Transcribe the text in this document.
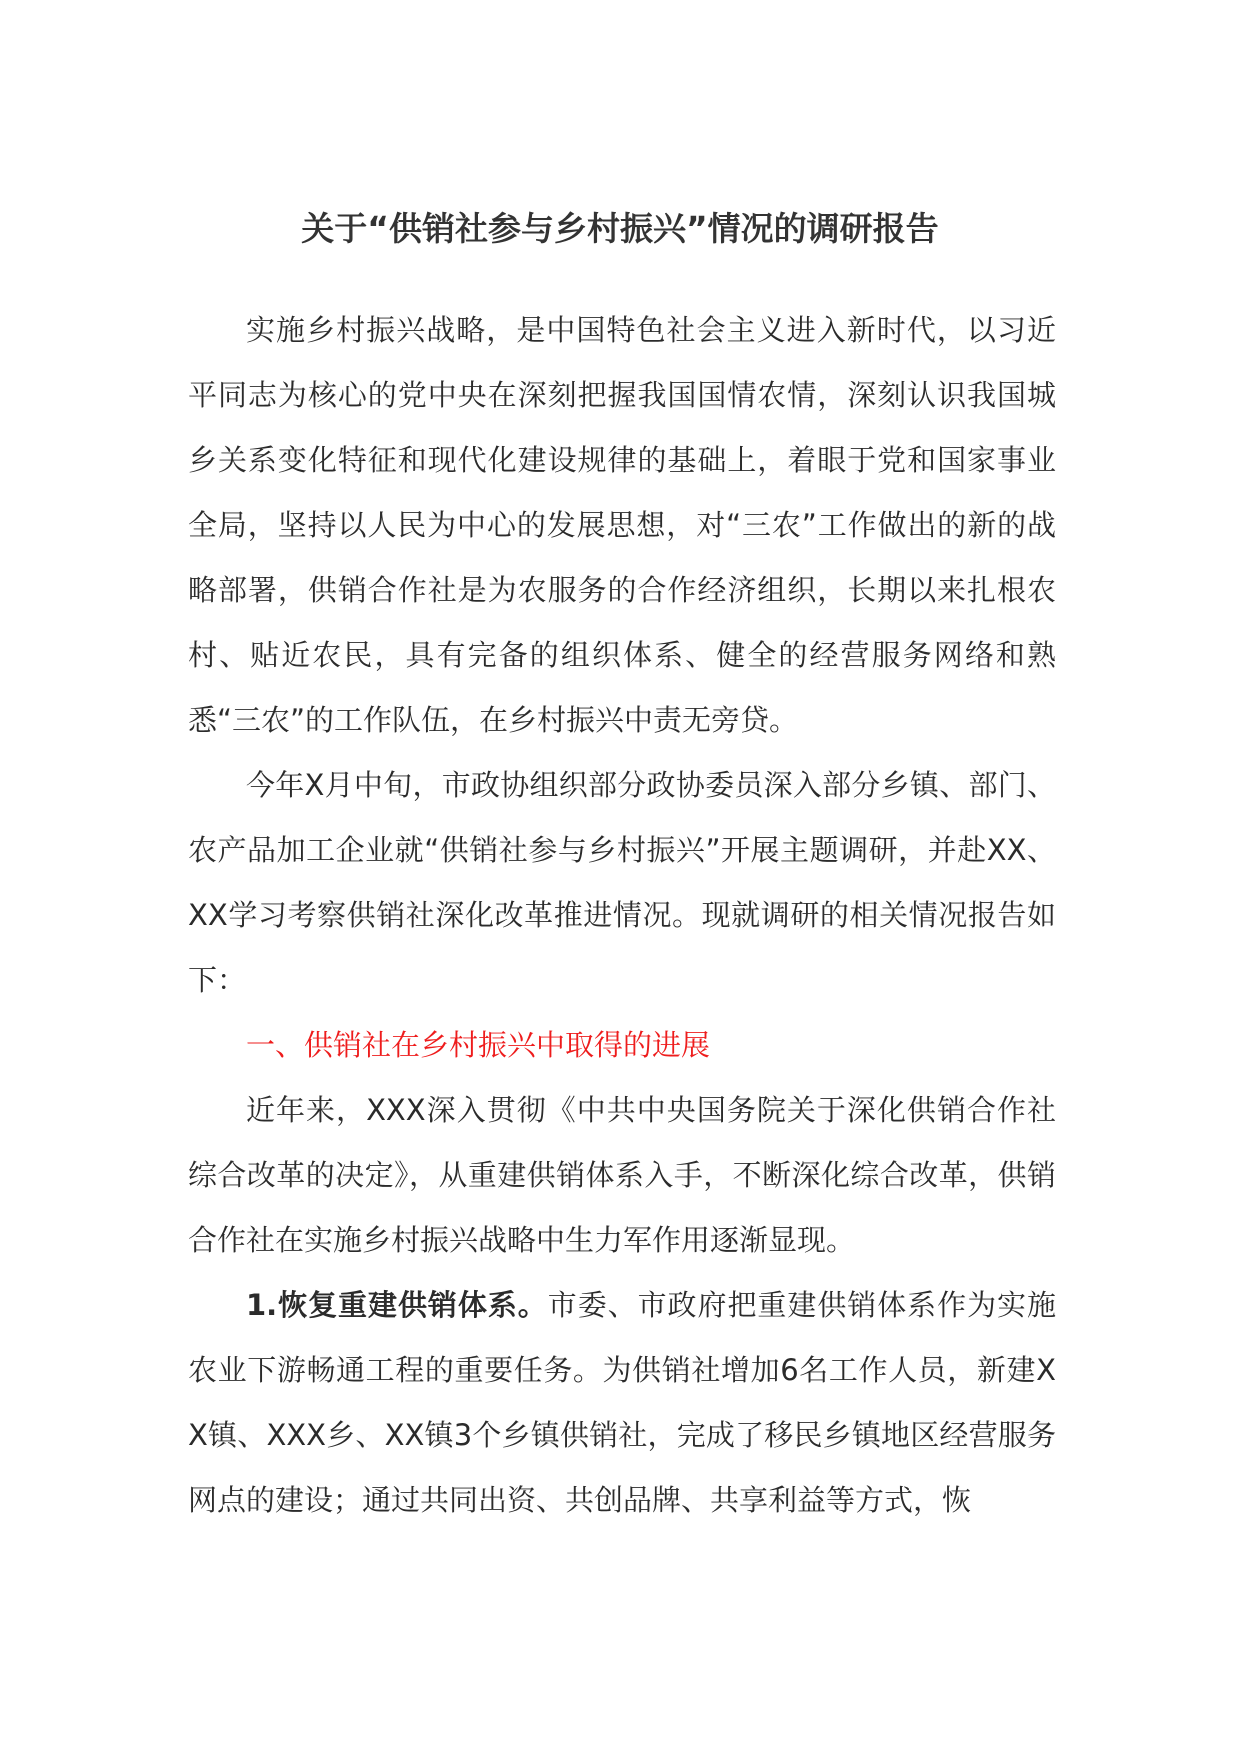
关于“供销社参与乡村振兴”情况的调研报告

实施乡村振兴战略，是中国特色社会主义进入新时代，以习近平同志为核心的党中央在深刻把握我国国情农情，深刻认识我国城乡关系变化特征和现代化建设规律的基础上，着眼于党和国家事业全局，坚持以人民为中心的发展思想，对“三农”工作做出的新的战略部署，供销合作社是为农服务的合作经济组织，长期以来扎根农村、贴近农民，具有完备的组织体系、健全的经营服务网络和熟悉“三农”的工作队伍，在乡村振兴中责无旁贷。

今年X月中旬，市政协组织部分政协委员深入部分乡镇、部门、农产品加工企业就“供销社参与乡村振兴”开展主题调研，并赴XX、XX学习考察供销社深化改革推进情况。现就调研的相关情况报告如下：

一、供销社在乡村振兴中取得的进展

近年来，XXX深入贯彻《中共中央国务院关于深化供销合作社综合改革的决定》，从重建供销体系入手，不断深化综合改革，供销合作社在实施乡村振兴战略中生力军作用逐渐显现。

1.恢复重建供销体系。市委、市政府把重建供销体系作为实施农业下游畅通工程的重要任务。为供销社增加6名工作人员，新建XX镇、XXX乡、XX镇3个乡镇供销社，完成了移民乡镇地区经营服务网点的建设；通过共同出资、共创品牌、共享利益等方式，恢
